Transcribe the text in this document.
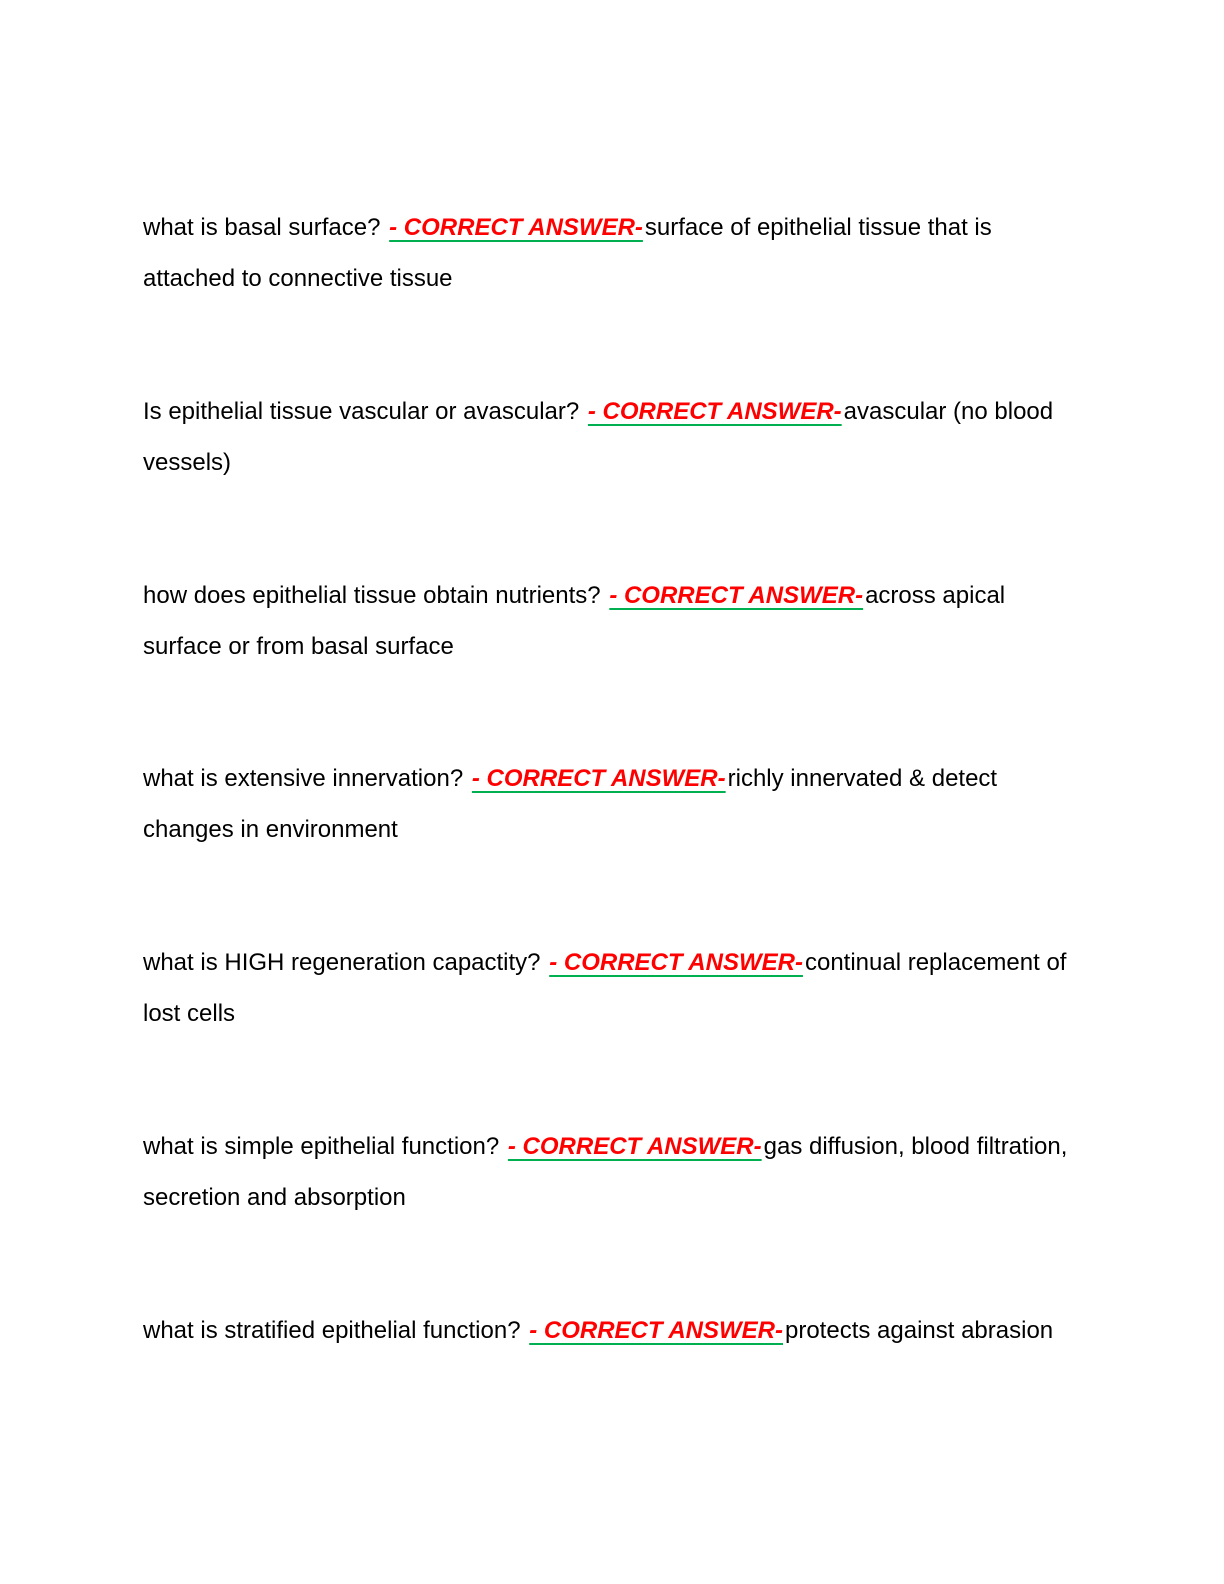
what is basal surface? - CORRECT ANSWER-surface of epithelial tissue that is attached to connective tissue

Is epithelial tissue vascular or avascular? - CORRECT ANSWER-avascular (no blood vessels)

how does epithelial tissue obtain nutrients? - CORRECT ANSWER-across apical surface or from basal surface

what is extensive innervation? - CORRECT ANSWER-richly innervated & detect changes in environment

what is HIGH regeneration capactity? - CORRECT ANSWER-continual replacement of lost cells

what is simple epithelial function? - CORRECT ANSWER-gas diffusion, blood filtration, secretion and absorption

what is stratified epithelial function? - CORRECT ANSWER-protects against abrasion
